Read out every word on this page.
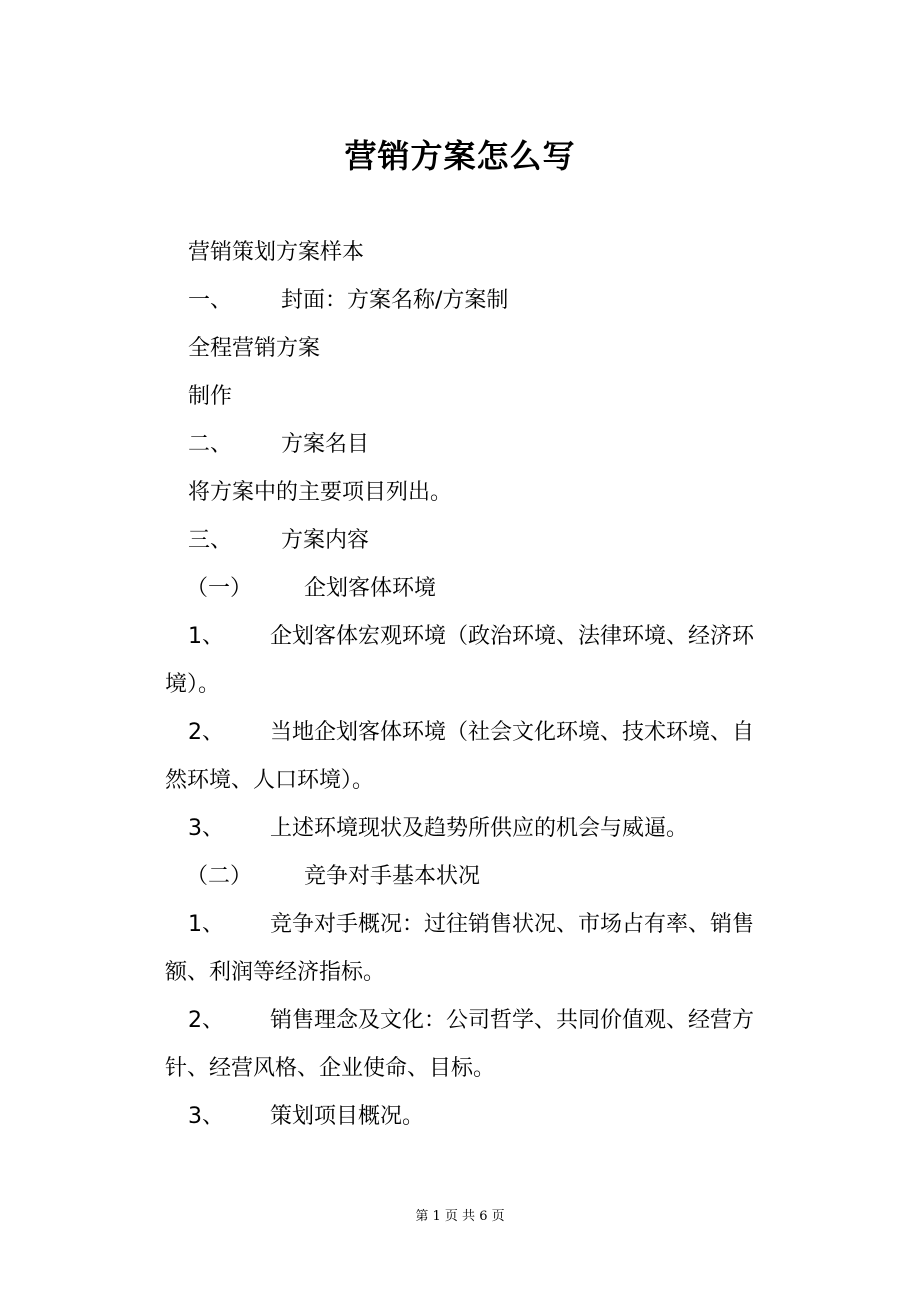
营销方案怎么写
营销策划方案样本
一、 封面：方案名称/方案制
全程营销方案
制作
二、 方案名目
将方案中的主要项目列出。
三、 方案内容
（一） 企划客体环境
1、 企划客体宏观环境（政治环境、法律环境、经济环
境）。
2、 当地企划客体环境（社会文化环境、技术环境、自
然环境、人口环境）。
3、 上述环境现状及趋势所供应的机会与威逼。
（二） 竞争对手基本状况
1、 竞争对手概况：过往销售状况、市场占有率、销售
额、利润等经济指标。
2、 销售理念及文化：公司哲学、共同价值观、经营方
针、经营风格、企业使命、目标。
3、 策划项目概况。
第 1 页 共 6 页
